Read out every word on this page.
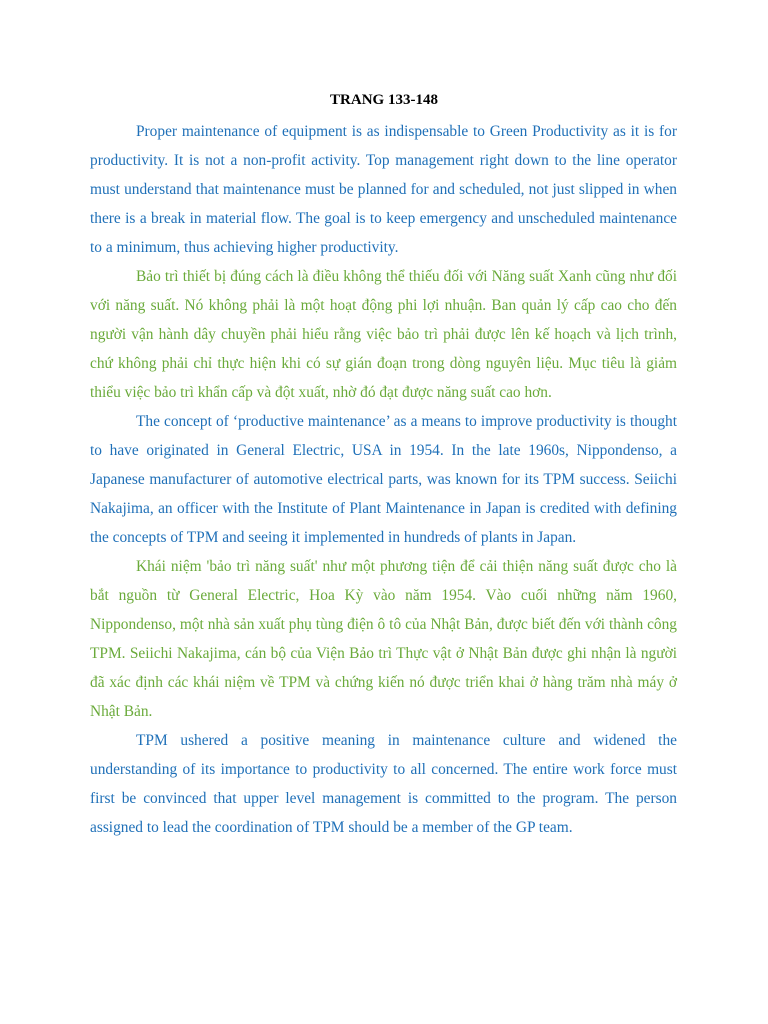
TRANG 133-148

Proper maintenance of equipment is as indispensable to Green Productivity as it is for productivity. It is not a non-profit activity. Top management right down to the line operator must understand that maintenance must be planned for and scheduled, not just slipped in when there is a break in material flow. The goal is to keep emergency and unscheduled maintenance to a minimum, thus achieving higher productivity.

Bảo trì thiết bị đúng cách là điều không thể thiếu đối với Năng suất Xanh cũng như đối với năng suất. Nó không phải là một hoạt động phi lợi nhuận. Ban quản lý cấp cao cho đến người vận hành dây chuyền phải hiểu rằng việc bảo trì phải được lên kế hoạch và lịch trình, chứ không phải chỉ thực hiện khi có sự gián đoạn trong dòng nguyên liệu. Mục tiêu là giảm thiểu việc bảo trì khẩn cấp và đột xuất, nhờ đó đạt được năng suất cao hơn.

The concept of ‘productive maintenance’ as a means to improve productivity is thought to have originated in General Electric, USA in 1954. In the late 1960s, Nippondenso, a Japanese manufacturer of automotive electrical parts, was known for its TPM success. Seiichi Nakajima, an officer with the Institute of Plant Maintenance in Japan is credited with defining the concepts of TPM and seeing it implemented in hundreds of plants in Japan.

Khái niệm 'bảo trì năng suất' như một phương tiện để cải thiện năng suất được cho là bắt nguồn từ General Electric, Hoa Kỳ vào năm 1954. Vào cuối những năm 1960, Nippondenso, một nhà sản xuất phụ tùng điện ô tô của Nhật Bản, được biết đến với thành công TPM. Seiichi Nakajima, cán bộ của Viện Bảo trì Thực vật ở Nhật Bản được ghi nhận là người đã xác định các khái niệm về TPM và chứng kiến nó được triển khai ở hàng trăm nhà máy ở Nhật Bản.

TPM ushered a positive meaning in maintenance culture and widened the understanding of its importance to productivity to all concerned. The entire work force must first be convinced that upper level management is committed to the program. The person assigned to lead the coordination of TPM should be a member of the GP team.
